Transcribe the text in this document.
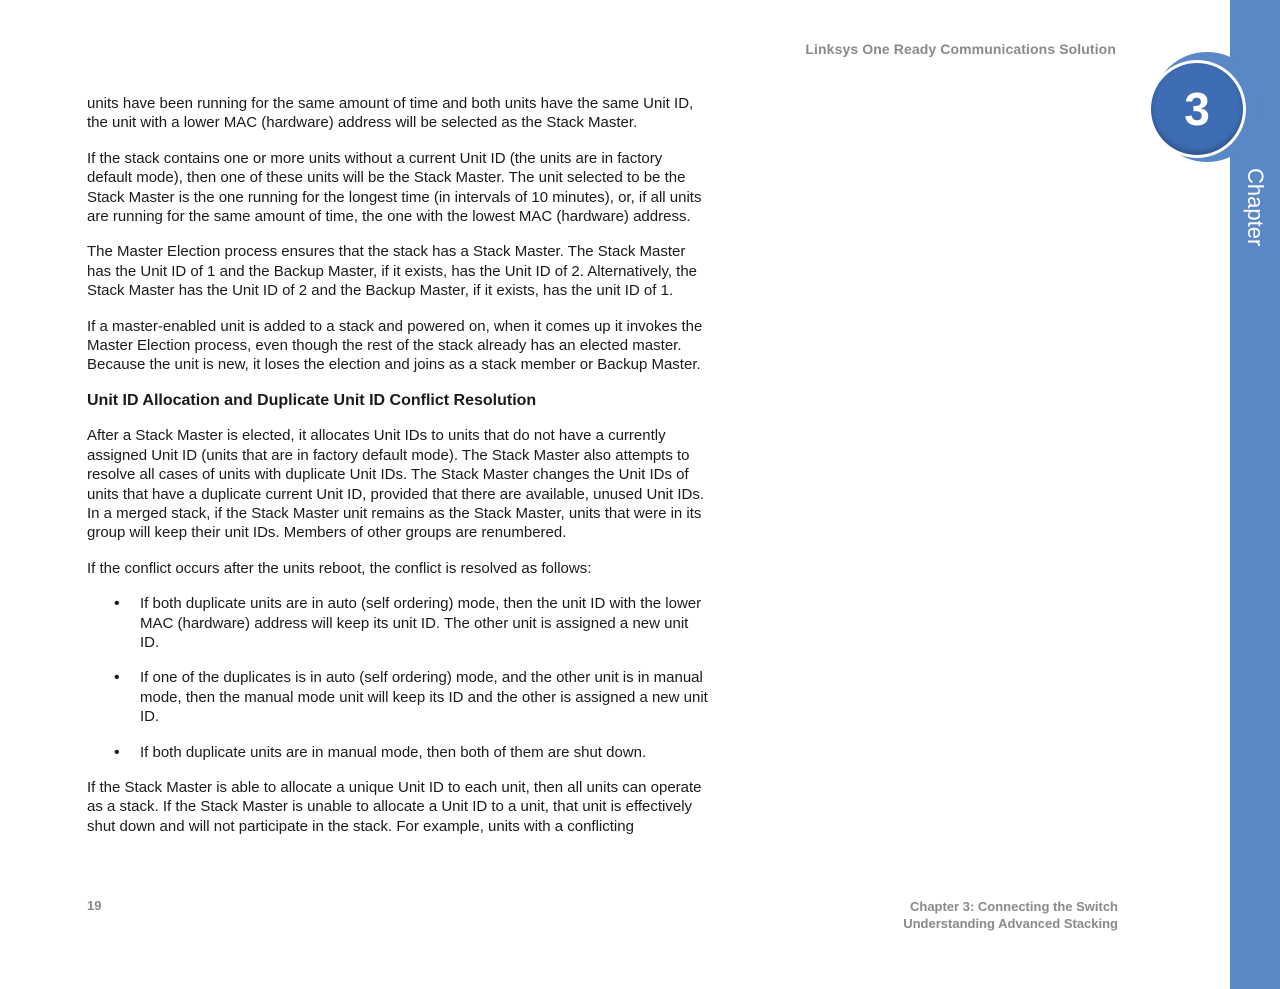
Linksys One Ready Communications Solution
3
Chapter

units have been running for the same amount of time and both units have the same Unit ID, the unit with a lower MAC (hardware) address will be selected as the Stack Master.

If the stack contains one or more units without a current Unit ID (the units are in factory default mode), then one of these units will be the Stack Master. The unit selected to be the Stack Master is the one running for the longest time (in intervals of 10 minutes), or, if all units are running for the same amount of time, the one with the lowest MAC (hardware) address.

The Master Election process ensures that the stack has a Stack Master. The Stack Master has the Unit ID of 1 and the Backup Master, if it exists, has the Unit ID of 2. Alternatively, the Stack Master has the Unit ID of 2 and the Backup Master, if it exists, has the unit ID of 1.

If a master-enabled unit is added to a stack and powered on, when it comes up it invokes the Master Election process, even though the rest of the stack already has an elected master. Because the unit is new, it loses the election and joins as a stack member or Backup Master.

Unit ID Allocation and Duplicate Unit ID Conflict Resolution

After a Stack Master is elected, it allocates Unit IDs to units that do not have a currently assigned Unit ID (units that are in factory default mode). The Stack Master also attempts to resolve all cases of units with duplicate Unit IDs. The Stack Master changes the Unit IDs of units that have a duplicate current Unit ID, provided that there are available, unused Unit IDs. In a merged stack, if the Stack Master unit remains as the Stack Master, units that were in its group will keep their unit IDs. Members of other groups are renumbered.

If the conflict occurs after the units reboot, the conflict is resolved as follows:

• If both duplicate units are in auto (self ordering) mode, then the unit ID with the lower MAC (hardware) address will keep its unit ID. The other unit is assigned a new unit ID.
• If one of the duplicates is in auto (self ordering) mode, and the other unit is in manual mode, then the manual mode unit will keep its ID and the other is assigned a new unit ID.
• If both duplicate units are in manual mode, then both of them are shut down.

If the Stack Master is able to allocate a unique Unit ID to each unit, then all units can operate as a stack. If the Stack Master is unable to allocate a Unit ID to a unit, that unit is effectively shut down and will not participate in the stack. For example, units with a conflicting

19	Chapter 3: Connecting the Switch
Understanding Advanced Stacking
